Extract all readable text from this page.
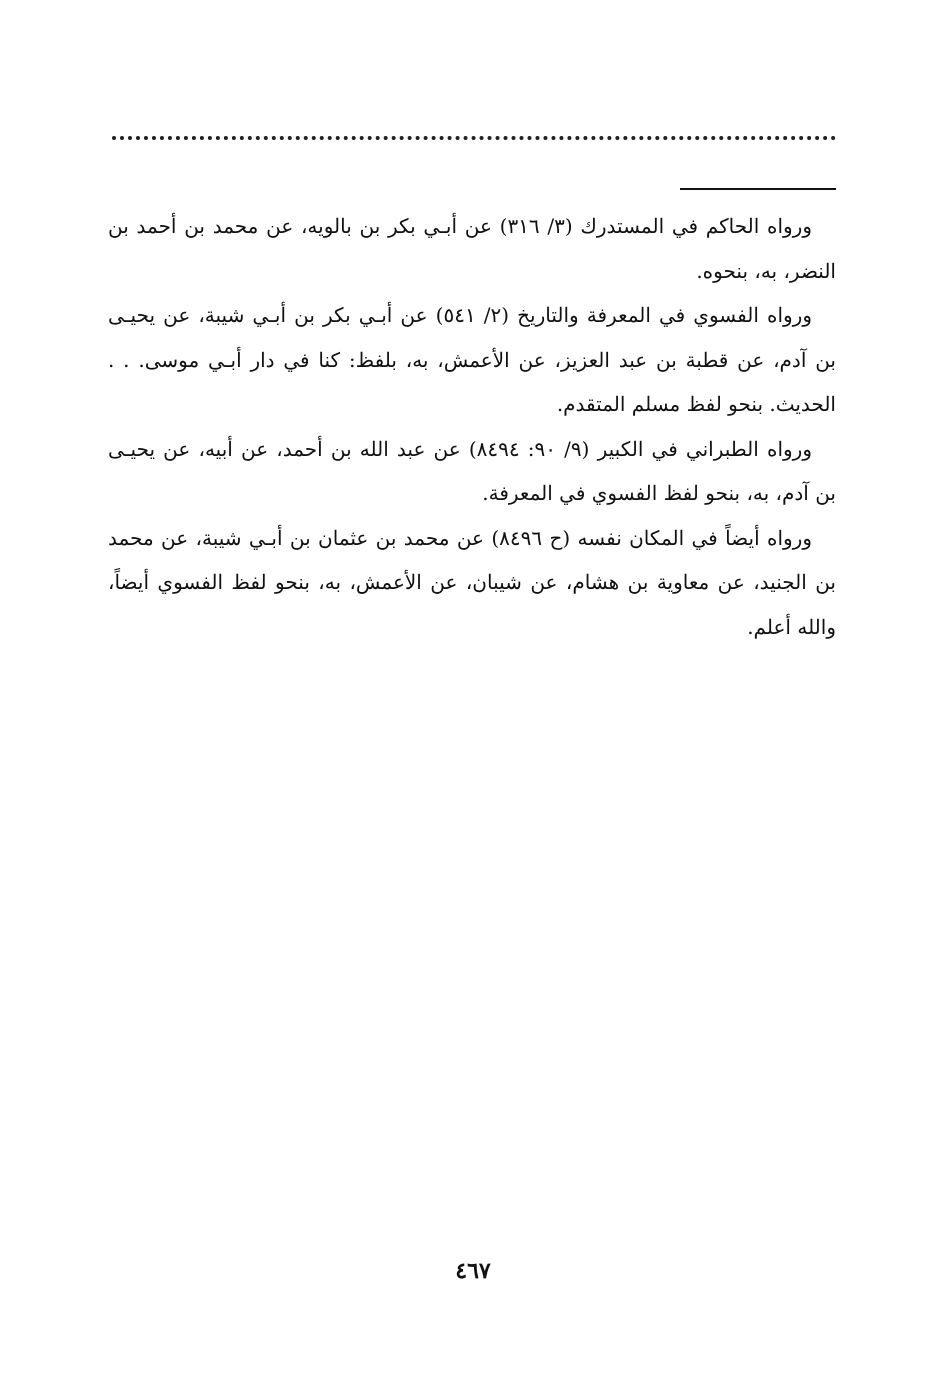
ورواه الحاكم في المستدرك (٣/ ٣١٦) عن أبـي بكر بن بالويه، عن محمد بن أحمد بن النضر، به، بنحوه.

ورواه الفسوي في المعرفة والتاريخ (٢/ ٥٤١) عن أبـي بكر بن أبـي شيبة، عن يحيـى بن آدم، عن قطبة بن عبد العزيز، عن الأعمش، به، بلفظ: كنا في دار أبـي موسى. . . الحديث. بنحو لفظ مسلم المتقدم.

ورواه الطبراني في الكبير (٩/ ٩٠: ٨٤٩٤) عن عبد الله بن أحمد، عن أبيه، عن يحيـى بن آدم، به، بنحو لفظ الفسوي في المعرفة.

ورواه أيضاً في المكان نفسه (ح ٨٤٩٦) عن محمد بن عثمان بن أبـي شيبة، عن محمد بن الجنيد، عن معاوية بن هشام، عن شيبان، عن الأعمش، به، بنحو لفظ الفسوي أيضاً، والله أعلم.

٤٦٧
